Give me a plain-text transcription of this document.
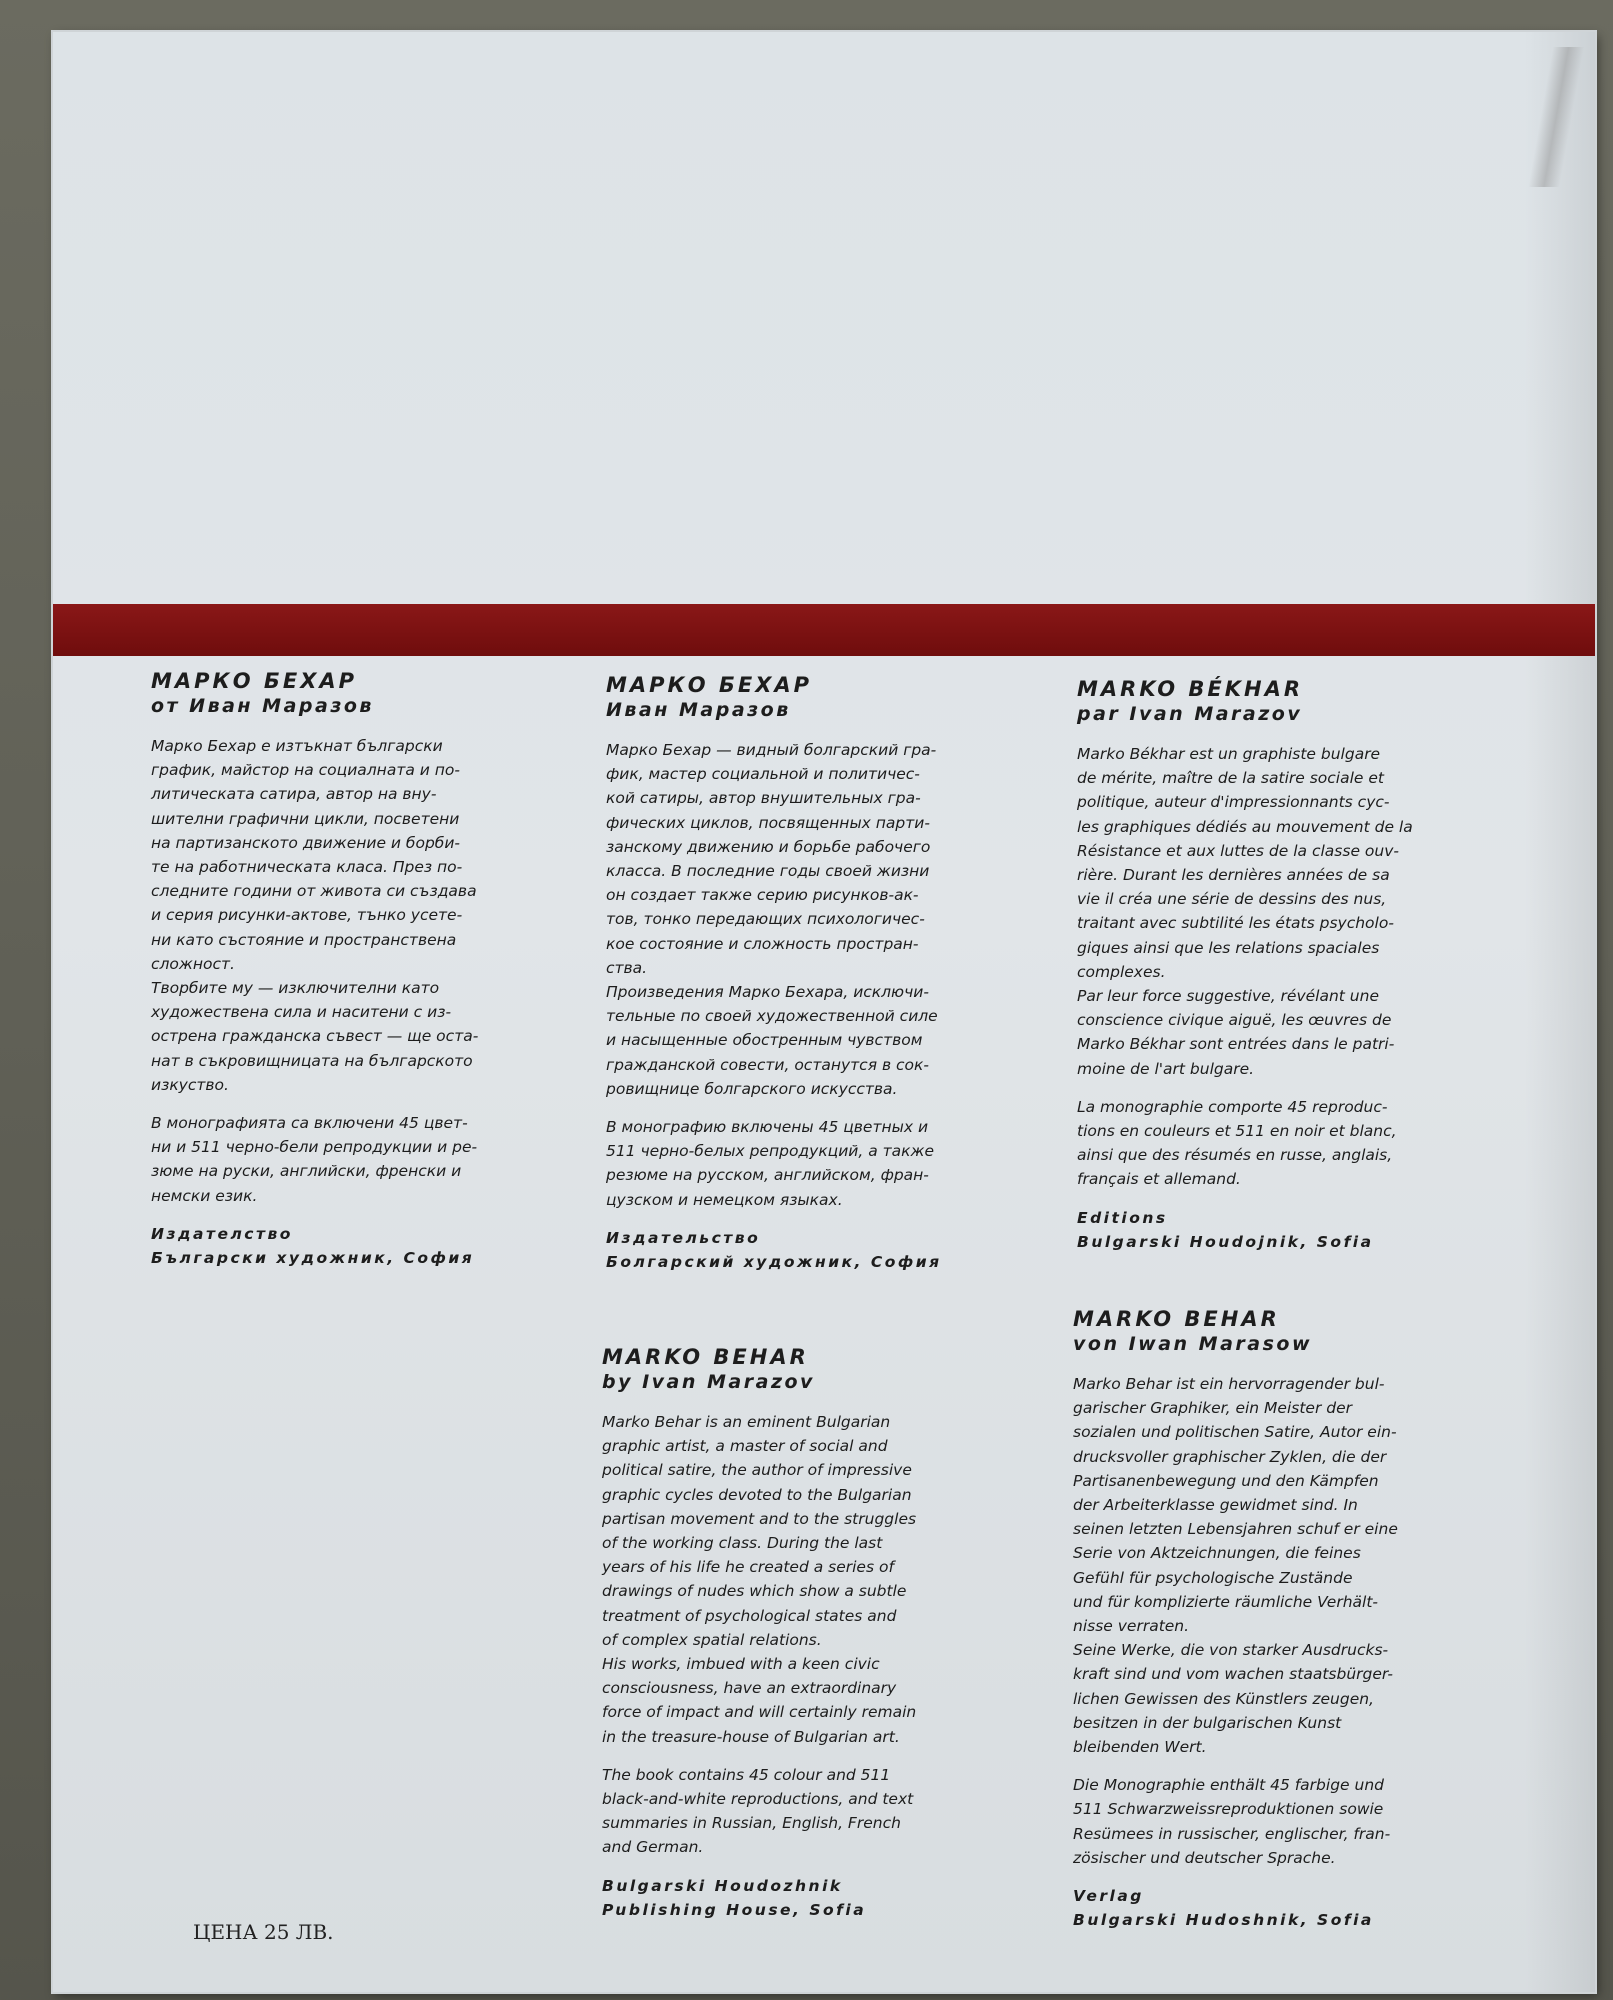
МАРКО БЕХАР
от Иван Маразов

Марко Бехар е изтъкнат български
график, майстор на социалната и по-
литическата сатира, автор на вну-
шителни графични цикли, посветени
на партизанското движение и борби-
те на работническата класа. През по-
следните години от живота си създава
и серия рисунки-актове, тънко усете-
ни като състояние и пространствена
сложност.

Творбите му — изключителни като
художествена сила и наситени с из-
острена гражданска съвест — ще оста-
нат в съкровищницата на българското
изкуство.

В монографията са включени 45 цвет-
ни и 511 черно-бели репродукции и ре-
зюме на руски, английски, френски и
немски език.

Издателство
Български художник, София

МАРКО БЕХАР
Иван Маразов

Марко Бехар — видный болгарский гра-
фик, мастер социальной и политичес-
кой сатиры, автор внушительных гра-
фических циклов, посвященных парти-
занскому движению и борьбе рабочего
класса. В последние годы своей жизни
он создает также серию рисунков-ак-
тов, тонко передающих психологичес-
кое состояние и сложность простран-
ства.

Произведения Марко Бехара, исключи-
тельные по своей художественной силе
и насыщенные обостренным чувством
гражданской совести, останутся в сок-
ровищнице болгарского искусства.

В монографию включены 45 цветных и
511 черно-белых репродукций, а также
резюме на русском, английском, фран-
цузском и немецком языках.

Издательство
Болгарский художник, София

MARKO BEHAR
by Ivan Marazov

Marko Behar is an eminent Bulgarian
graphic artist, a master of social and
political satire, the author of impressive
graphic cycles devoted to the Bulgarian
partisan movement and to the struggles
of the working class. During the last
years of his life he created a series of
drawings of nudes which show a subtle
treatment of psychological states and
of complex spatial relations.

His works, imbued with a keen civic
consciousness, have an extraordinary
force of impact and will certainly remain
in the treasure-house of Bulgarian art.

The book contains 45 colour and 511
black-and-white reproductions, and text
summaries in Russian, English, French
and German.

Bulgarski Houdozhnik
Publishing House, Sofia

MARKO BÉKHAR
par Ivan Marazov

Marko Békhar est un graphiste bulgare
de mérite, maître de la satire sociale et
politique, auteur d'impressionnants cyc-
les graphiques dédiés au mouvement de la
Résistance et aux luttes de la classe ouv-
rière. Durant les dernières années de sa
vie il créa une série de dessins des nus,
traitant avec subtilité les états psycholo-
giques ainsi que les relations spaciales
complexes.

Par leur force suggestive, révélant une
conscience civique aiguë, les œuvres de
Marko Békhar sont entrées dans le patri-
moine de l'art bulgare.

La monographie comporte 45 reproduc-
tions en couleurs et 511 en noir et blanc,
ainsi que des résumés en russe, anglais,
français et allemand.

Editions
Bulgarski Houdojnik, Sofia

MARKO BEHAR
von Iwan Marasow

Marko Behar ist ein hervorragender bul-
garischer Graphiker, ein Meister der
sozialen und politischen Satire, Autor ein-
drucksvoller graphischer Zyklen, die der
Partisanenbewegung und den Kämpfen
der Arbeiterklasse gewidmet sind. In
seinen letzten Lebensjahren schuf er eine
Serie von Aktzeichnungen, die feines
Gefühl für psychologische Zustände
und für komplizierte räumliche Verhält-
nisse verraten.

Seine Werke, die von starker Ausdrucks-
kraft sind und vom wachen staatsbürger-
lichen Gewissen des Künstlers zeugen,
besitzen in der bulgarischen Kunst
bleibenden Wert.

Die Monographie enthält 45 farbige und
511 Schwarzweissreproduktionen sowie
Resümees in russischer, englischer, fran-
zösischer und deutscher Sprache.

Verlag
Bulgarski Hudoshnik, Sofia

ЦЕНА 25 ЛВ.
